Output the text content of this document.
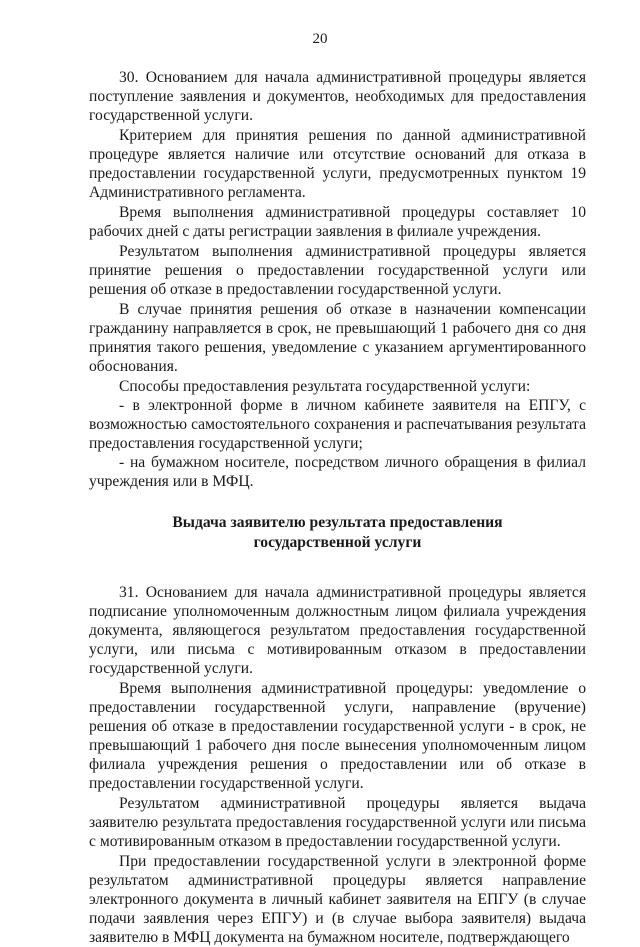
20

30. Основанием для начала административной процедуры является поступление заявления и документов, необходимых для предоставления государственной услуги.

Критерием для принятия решения по данной административной процедуре является наличие или отсутствие оснований для отказа в предоставлении государственной услуги, предусмотренных пунктом 19 Административного регламента.

Время выполнения административной процедуры составляет 10 рабочих дней с даты регистрации заявления в филиале учреждения.

Результатом выполнения административной процедуры является принятие решения о предоставлении государственной услуги или решения об отказе в предоставлении государственной услуги.

В случае принятия решения об отказе в назначении компенсации гражданину направляется в срок, не превышающий 1 рабочего дня со дня принятия такого решения, уведомление с указанием аргументированного обоснования.

Способы предоставления результата государственной услуги:

- в электронной форме в личном кабинете заявителя на ЕПГУ, с возможностью самостоятельного сохранения и распечатывания результата предоставления государственной услуги;

- на бумажном носителе, посредством личного обращения в филиал учреждения или в МФЦ.

Выдача заявителю результата предоставления
государственной услуги

31. Основанием для начала административной процедуры является подписание уполномоченным должностным лицом филиала учреждения документа, являющегося результатом предоставления государственной услуги, или письма с мотивированным отказом в предоставлении государственной услуги.

Время выполнения административной процедуры: уведомление о предоставлении государственной услуги, направление (вручение) решения об отказе в предоставлении государственной услуги - в срок, не превышающий 1 рабочего дня после вынесения уполномоченным лицом филиала учреждения решения о предоставлении или об отказе в предоставлении государственной услуги.

Результатом административной процедуры является выдача заявителю результата предоставления государственной услуги или письма с мотивированным отказом в предоставлении государственной услуги.

При предоставлении государственной услуги в электронной форме результатом административной процедуры является направление электронного документа в личный кабинет заявителя на ЕПГУ (в случае подачи заявления через ЕПГУ) и (в случае выбора заявителя) выдача заявителю в МФЦ документа на бумажном носителе, подтверждающего
